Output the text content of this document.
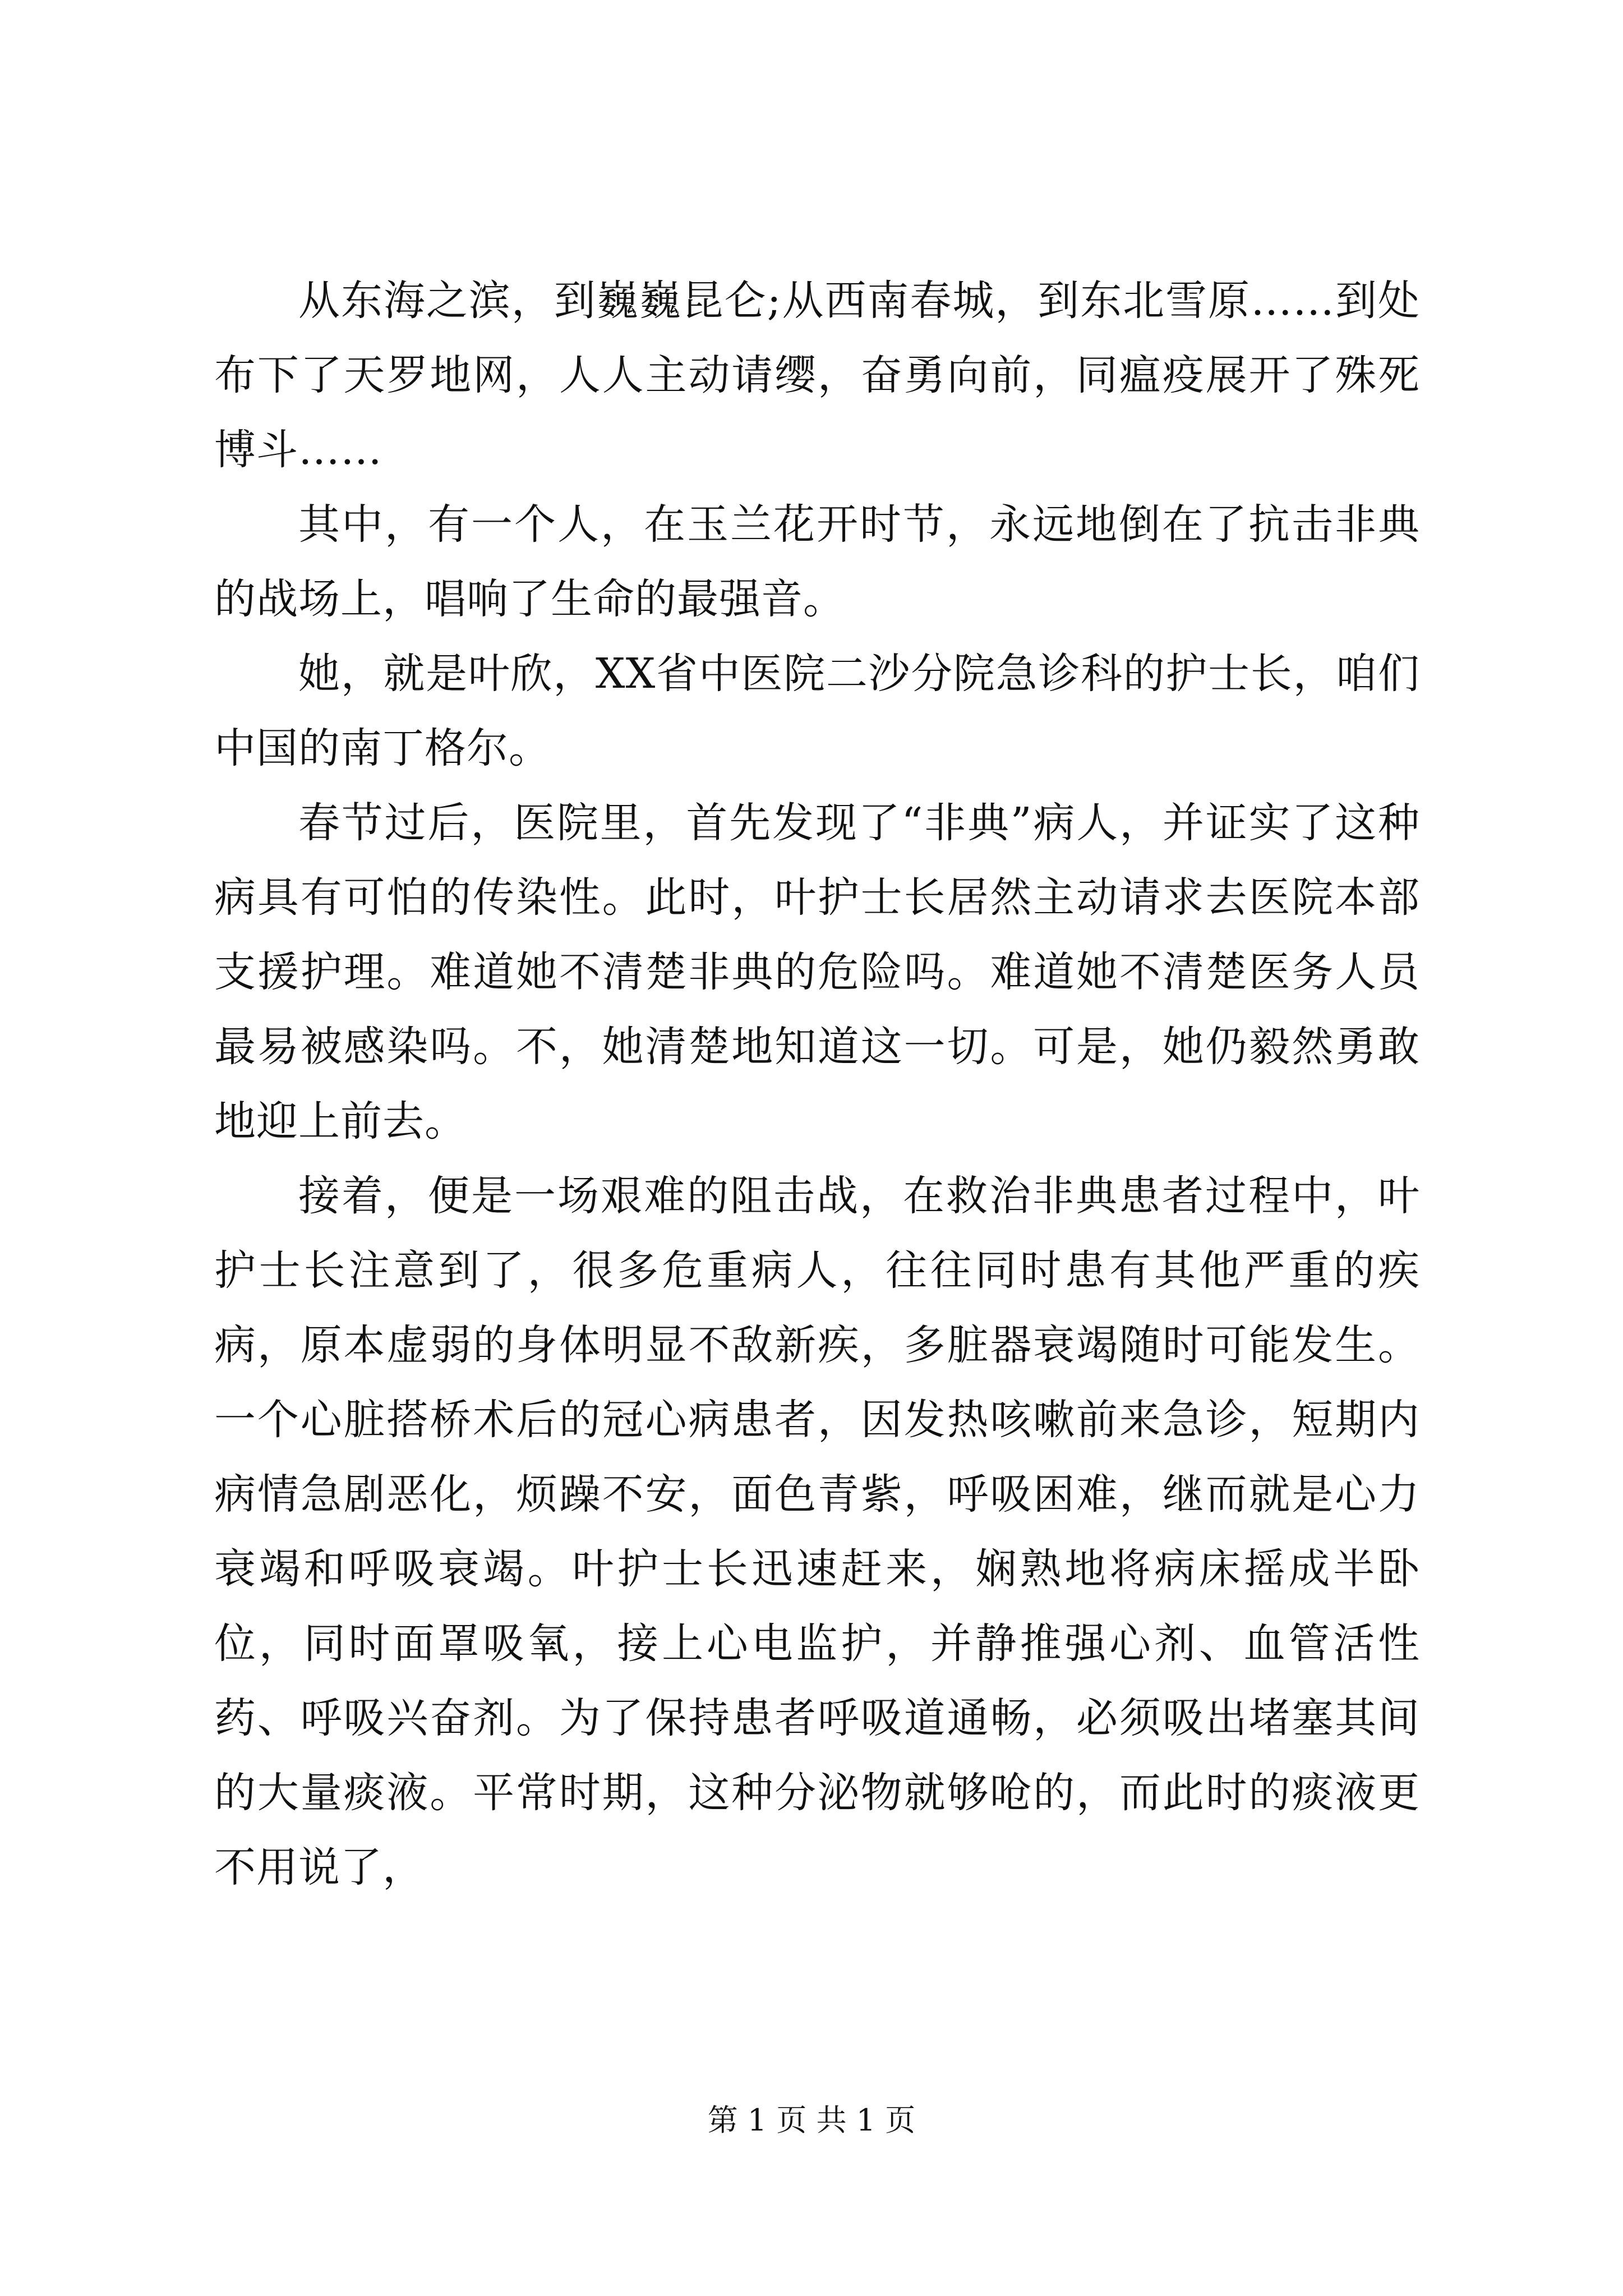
从东海之滨，到巍巍昆仑;从西南春城，到东北雪原……到处布下了天罗地网，人人主动请缨，奋勇向前，同瘟疫展开了殊死博斗……

其中，有一个人，在玉兰花开时节，永远地倒在了抗击非典的战场上，唱响了生命的最强音。

她，就是叶欣，XX省中医院二沙分院急诊科的护士长，咱们中国的南丁格尔。

春节过后，医院里，首先发现了“非典”病人，并证实了这种病具有可怕的传染性。此时，叶护士长居然主动请求去医院本部支援护理。难道她不清楚非典的危险吗。难道她不清楚医务人员最易被感染吗。不，她清楚地知道这一切。可是，她仍毅然勇敢地迎上前去。

接着，便是一场艰难的阻击战，在救治非典患者过程中，叶护士长注意到了，很多危重病人，往往同时患有其他严重的疾病，原本虚弱的身体明显不敌新疾，多脏器衰竭随时可能发生。一个心脏搭桥术后的冠心病患者，因发热咳嗽前来急诊，短期内病情急剧恶化，烦躁不安，面色青紫，呼吸困难，继而就是心力衰竭和呼吸衰竭。叶护士长迅速赶来，娴熟地将病床摇成半卧位，同时面罩吸氧，接上心电监护，并静推强心剂、血管活性药、呼吸兴奋剂。为了保持患者呼吸道通畅，必须吸出堵塞其间的大量痰液。平常时期，这种分泌物就够呛的，而此时的痰液更不用说了，

第 1 页 共 1 页
